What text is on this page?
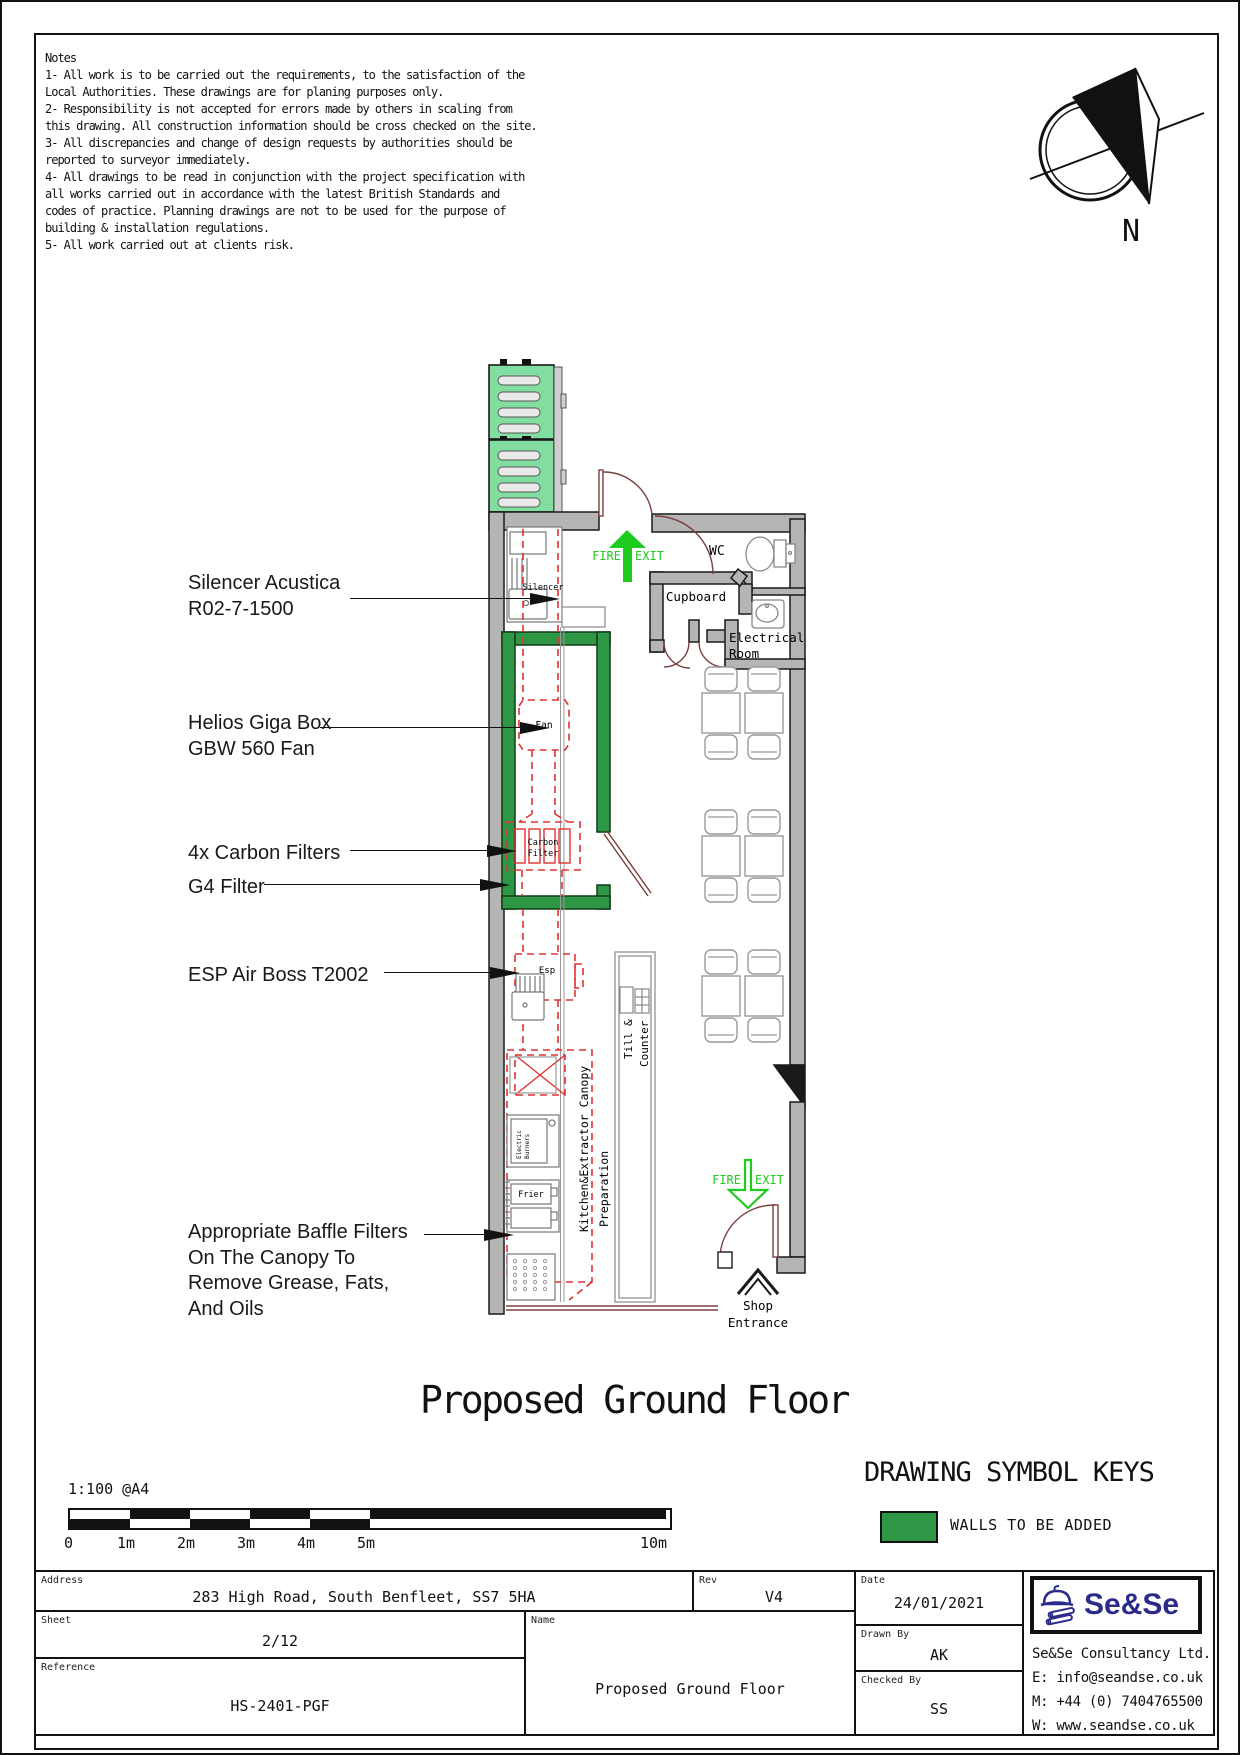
Notes
1- All work is to be carried out the requirements, to the satisfaction of the
Local Authorities. These drawings are for planing purposes only.
2- Responsibility is not accepted for errors made by others in scaling from
this drawing. All construction information should be cross checked on the site.
3- All discrepancies and change of design requests by authorities should be
reported to surveyor immediately.
4- All drawings to be read in conjunction with the project specification with
all works carried out in accordance with the latest British Standards and
codes of practice. Planning drawings are not to be used for the purpose of
building & installation regulations.
5- All work carried out at clients risk.	N
FIRE EXIT
FIRE EXIT
Shop
Entrance
WC
Cupboard
Electrical
Room
Silencer
Fan
Carbon
Filter
Esp
Frier
Electric Burners
Till & Counter
Kitchen&Extractor Canopy Preparation
Silencer Acustica
R02-7-1500
Helios Giga Box
GBW 560 Fan
4x Carbon Filters
G4 Filter
ESP Air Boss T2002
Appropriate Baffle Filters
On The Canopy To
Remove Grease, Fats,
And Oils
Proposed Ground Floor
1:100 @A4
0	1m	2m	3m	4m	5m	10m
DRAWING SYMBOL KEYS
WALLS TO BE ADDED
Address
283 High Road, South Benfleet, SS7 5HA
Rev
V4
Sheet
2/12
Reference
HS-2401-PGF
Name
Proposed Ground Floor
Date
24/01/2021
Drawn By
AK
Checked By
SS
Se&Se
Se&Se Consultancy Ltd.
E: info@seandse.co.uk
M: +44 (0) 7404765500
W: www.seandse.co.uk
